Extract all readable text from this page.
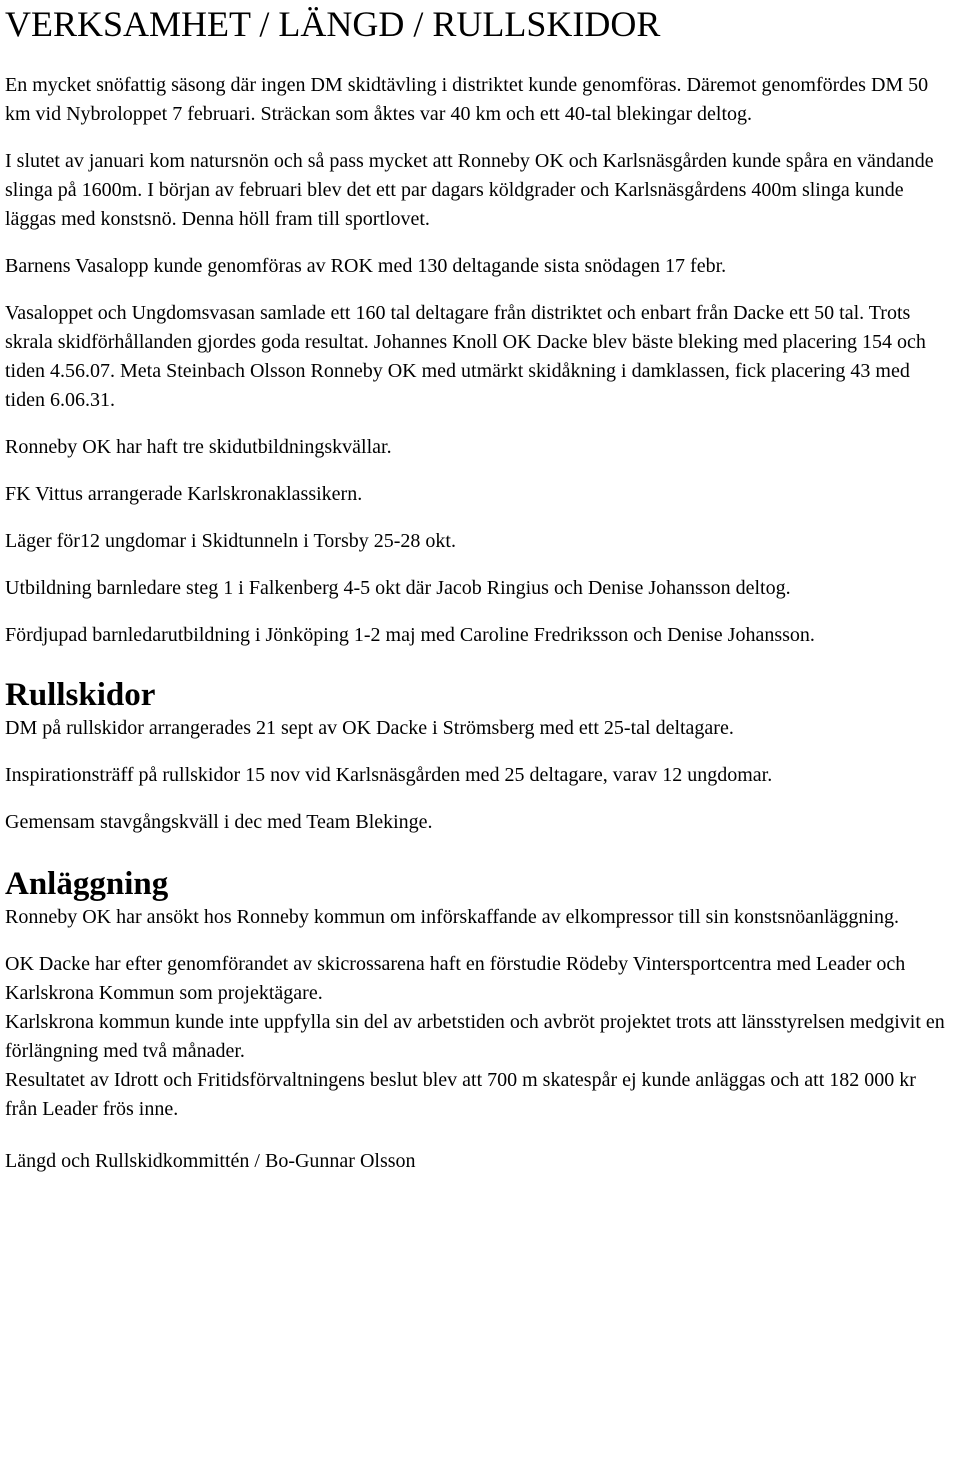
VERKSAMHET / LÄNGD / RULLSKIDOR

En mycket snöfattig säsong där ingen DM skidtävling i distriktet kunde genomföras. Däremot genomfördes DM 50 km vid Nybroloppet 7 februari. Sträckan som åktes var 40 km och ett 40-tal blekingar deltog.

I slutet av januari kom natursnön och så pass mycket att Ronneby OK och Karlsnäsgården kunde spåra en vändande slinga på 1600m. I början av februari blev det ett par dagars köldgrader och Karlsnäsgårdens 400m slinga kunde läggas med konstsnö. Denna höll fram till sportlovet.

Barnens Vasalopp kunde genomföras av ROK med 130 deltagande sista snödagen 17 febr.

Vasaloppet och Ungdomsvasan samlade ett 160 tal deltagare från distriktet och enbart från Dacke ett 50 tal. Trots skrala skidförhållanden gjordes goda resultat. Johannes Knoll OK Dacke blev bäste bleking med placering 154 och tiden 4.56.07. Meta Steinbach Olsson Ronneby OK med utmärkt skidåkning i damklassen, fick placering 43 med tiden 6.06.31.

Ronneby OK har haft tre skidutbildningskvällar.

FK Vittus arrangerade Karlskronaklassikern.

Läger för12 ungdomar i Skidtunneln i Torsby 25-28 okt.

Utbildning barnledare steg 1 i Falkenberg 4-5 okt där Jacob Ringius och Denise Johansson deltog.

Fördjupad barnledarutbildning i Jönköping 1-2 maj med Caroline Fredriksson och Denise Johansson.

Rullskidor

DM på rullskidor arrangerades 21 sept av OK Dacke i Strömsberg med ett 25-tal deltagare.

Inspirationsträff på rullskidor 15 nov vid Karlsnäsgården med 25 deltagare, varav 12 ungdomar.

Gemensam stavgångskväll i dec med Team Blekinge.

Anläggning

Ronneby OK har ansökt hos Ronneby kommun om införskaffande av elkompressor till sin konstsnöanläggning.

OK Dacke har efter genomförandet av skicrossarena haft en förstudie Rödeby Vintersportcentra med Leader och Karlskrona Kommun som projektägare.

Karlskrona kommun kunde inte uppfylla sin del av arbetstiden och avbröt projektet trots att länsstyrelsen medgivit en förlängning med två månader.

Resultatet av Idrott och Fritidsförvaltningens beslut blev att 700 m skatespår ej kunde anläggas och att 182 000 kr från Leader frös inne.

Längd och Rullskidkommittén / Bo-Gunnar Olsson
